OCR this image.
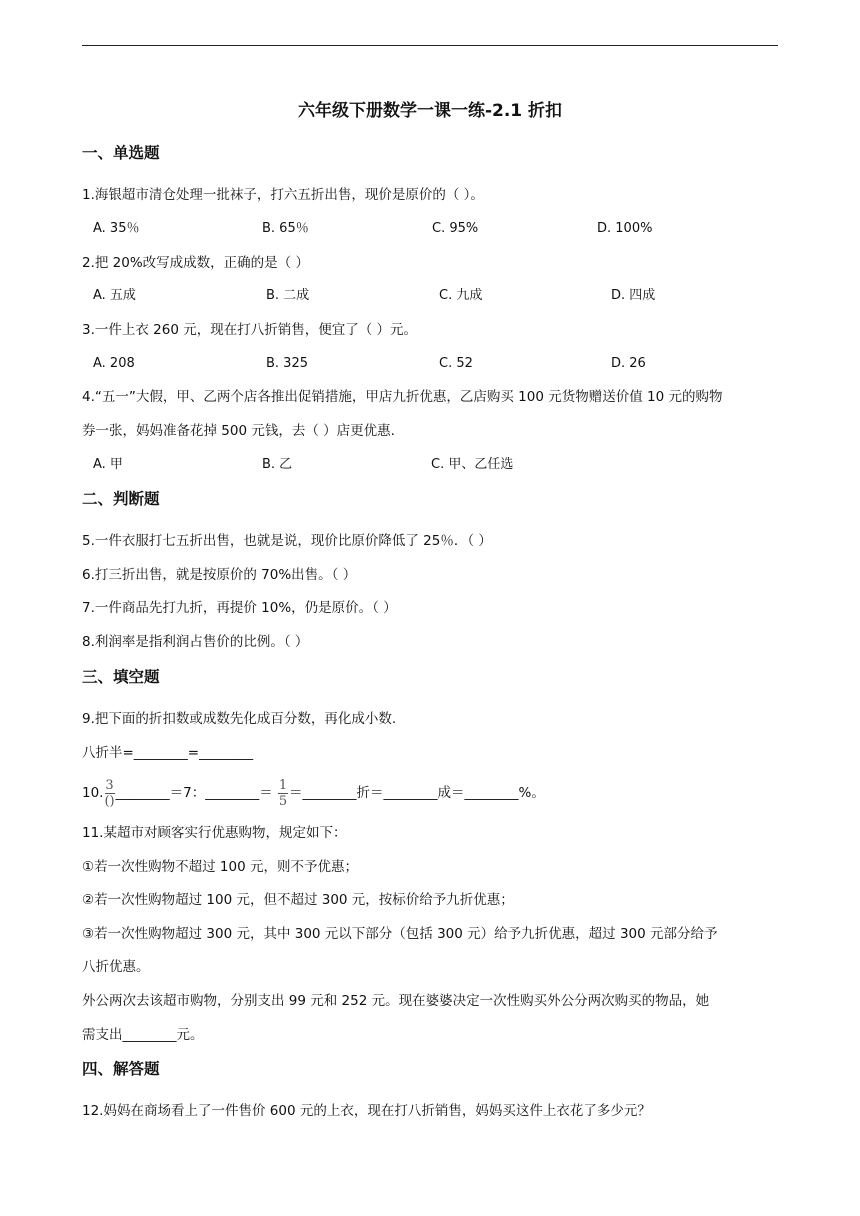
六年级下册数学一课一练-2.1 折扣
一、单选题
1.海银超市清仓处理一批袜子，打六五折出售，现价是原价的（ ）。
A. 35％	B. 65％	C. 95%	D. 100%
2.把 20%改写成成数，正确的是（ ）
A. 五成	B. 二成	C. 九成	D. 四成
3.一件上衣 260 元，现在打八折销售，便宜了（ ）元。
A. 208	B. 325	C. 52	D. 26
4.“五一”大假，甲、乙两个店各推出促销措施，甲店九折优惠，乙店购买 100 元货物赠送价值 10 元的购物
券一张，妈妈准备花掉 500 元钱，去（ ）店更优惠.
A. 甲	B. 乙	C. 甲、乙任选
二、判断题
5.一件衣服打七五折出售，也就是说，现价比原价降低了 25％．（ ）
6.打三折出售，就是按原价的 70%出售。（ ）
7.一件商品先打九折，再提价 10%，仍是原价。（ ）
8.利润率是指利润占售价的比例。（ ）
三、填空题
9.把下面的折扣数或成数先化成百分数，再化成小数.
八折半=________=________
10. $\frac{3}{()}$ ________＝7：________＝ $\frac{1}{5}$ ＝________折＝________成＝________%。
11.某超市对顾客实行优惠购物，规定如下：
①若一次性购物不超过 100 元，则不予优惠；
②若一次性购物超过 100 元，但不超过 300 元，按标价给予九折优惠；
③若一次性购物超过 300 元，其中 300 元以下部分（包括 300 元）给予九折优惠，超过 300 元部分给予
八折优惠。
外公两次去该超市购物，分别支出 99 元和 252 元。现在婆婆决定一次性购买外公分两次购买的物品，她
需支出________元。
四、解答题
12.妈妈在商场看上了一件售价 600 元的上衣，现在打八折销售，妈妈买这件上衣花了多少元？
